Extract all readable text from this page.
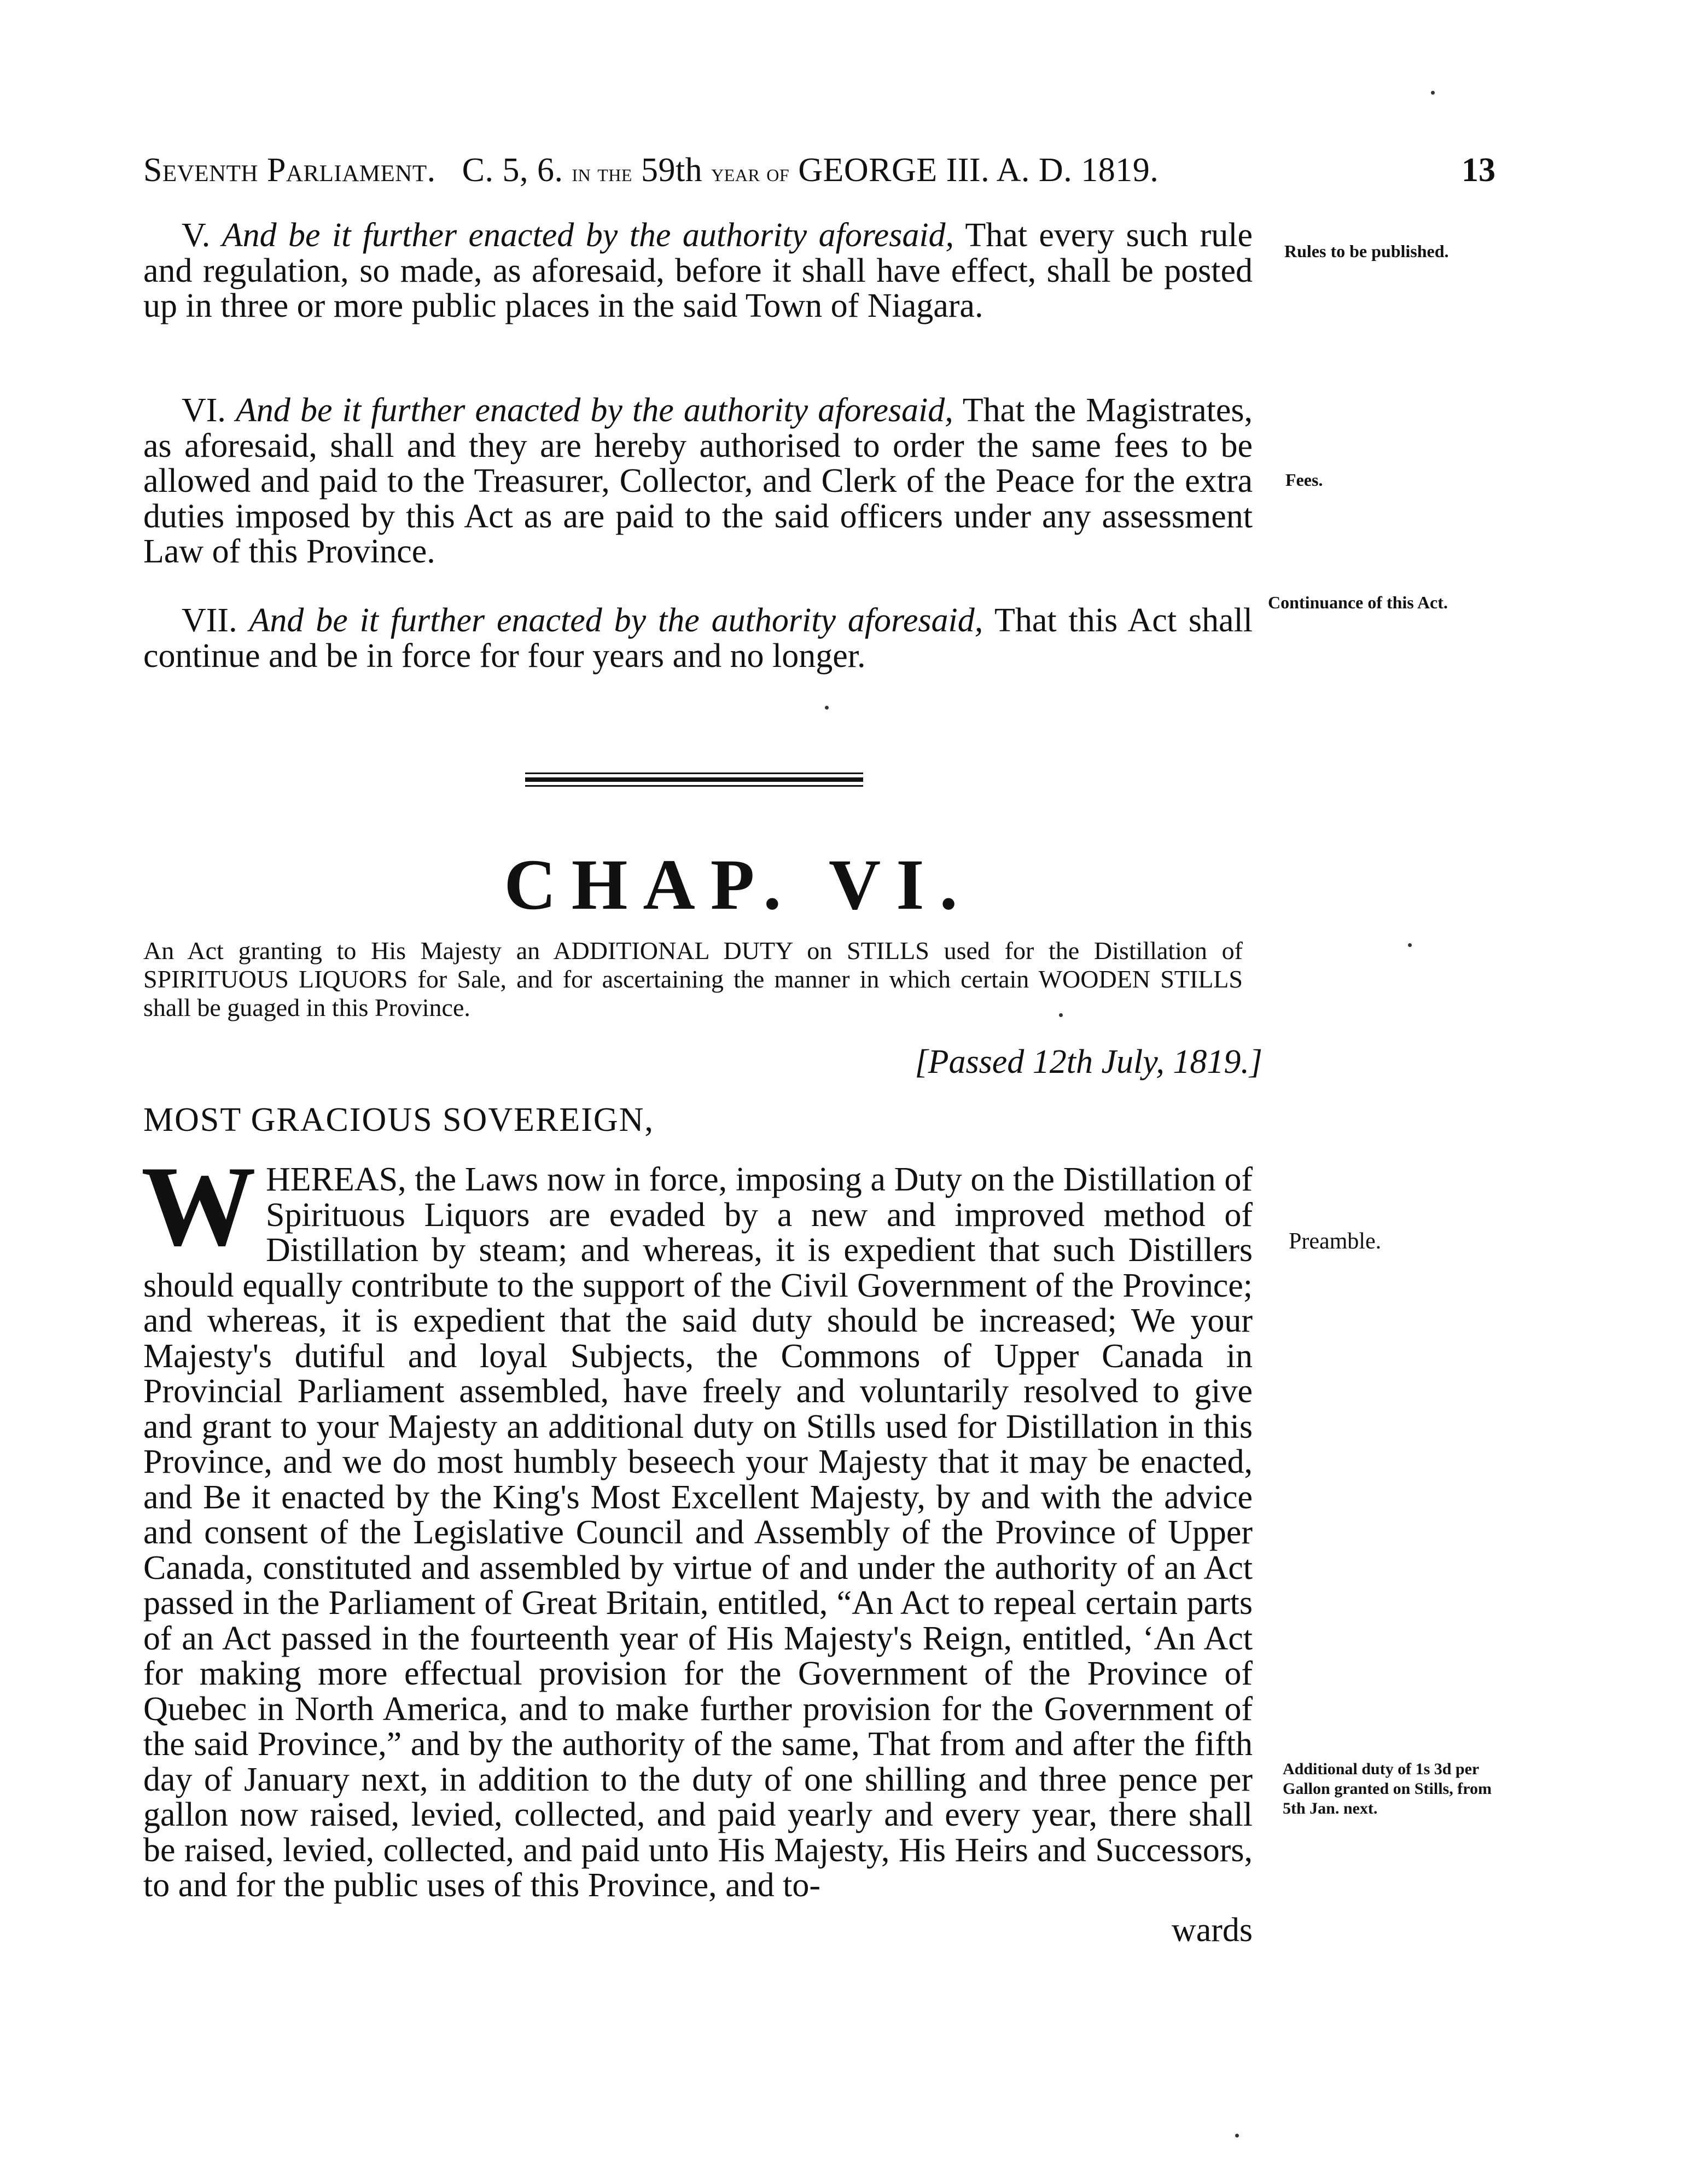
Seventh Parliament. C. 5, 6. in the 59th year of GEORGE III. A. D. 1819.	13
V. And be it further enacted by the authority aforesaid, That every such rule and regulation, so made, as aforesaid, before it shall have effect, shall be posted up in three or more public places in the said Town of Niagara.
Rules to be published.
VI. And be it further enacted by the authority aforesaid, That the Magistrates, as aforesaid, shall and they are hereby authorised to order the same fees to be allowed and paid to the Treasurer, Collector, and Clerk of the Peace for the extra duties imposed by this Act as are paid to the said officers under any assessment Law of this Province.
Fees.
VII. And be it further enacted by the authority aforesaid, That this Act shall continue and be in force for four years and no longer.
Continuance of this Act.
CHAP. VI.
An Act granting to His Majesty an ADDITIONAL DUTY on STILLS used for the Distillation of SPIRITUOUS LIQUORS for Sale, and for ascertaining the manner in which certain WOODEN STILLS shall be guaged in this Province.
[Passed 12th July, 1819.]
MOST GRACIOUS SOVEREIGN,
W HEREAS, the Laws now in force, imposing a Duty on the Distillation of Spirituous Liquors are evaded by a new and improved method of Distillation by steam; and whereas, it is expedient that such Distillers should equally contribute to the support of the Civil Government of the Province; and whereas, it is expedient that the said duty should be increased; We your Majesty's dutiful and loyal Subjects, the Commons of Upper Canada in Provincial Parliament assembled, have freely and voluntarily resolved to give and grant to your Majesty an additional duty on Stills used for Distillation in this Province, and we do most humbly beseech your Majesty that it may be enacted, and Be it enacted by the King's Most Excellent Majesty, by and with the advice and consent of the Legislative Council and Assembly of the Province of Upper Canada, constituted and assembled by virtue of and under the authority of an Act passed in the Parliament of Great Britain, entitled, “An Act to repeal certain parts of an Act passed in the fourteenth year of His Majesty's Reign, entitled, ‘An Act for making more effectual provision for the Government of the Province of Quebec in North America, and to make further provision for the Government of the said Province,” and by the authority of the same, That from and after the fifth day of January next, in addition to the duty of one shilling and three pence per gallon now raised, levied, collected, and paid yearly and every year, there shall be raised, levied, collected, and paid unto His Majesty, His Heirs and Successors, to and for the public uses of this Province, and to-
wards
Preamble.
Additional duty of 1s 3d per Gallon granted on Stills, from 5th Jan. next.
